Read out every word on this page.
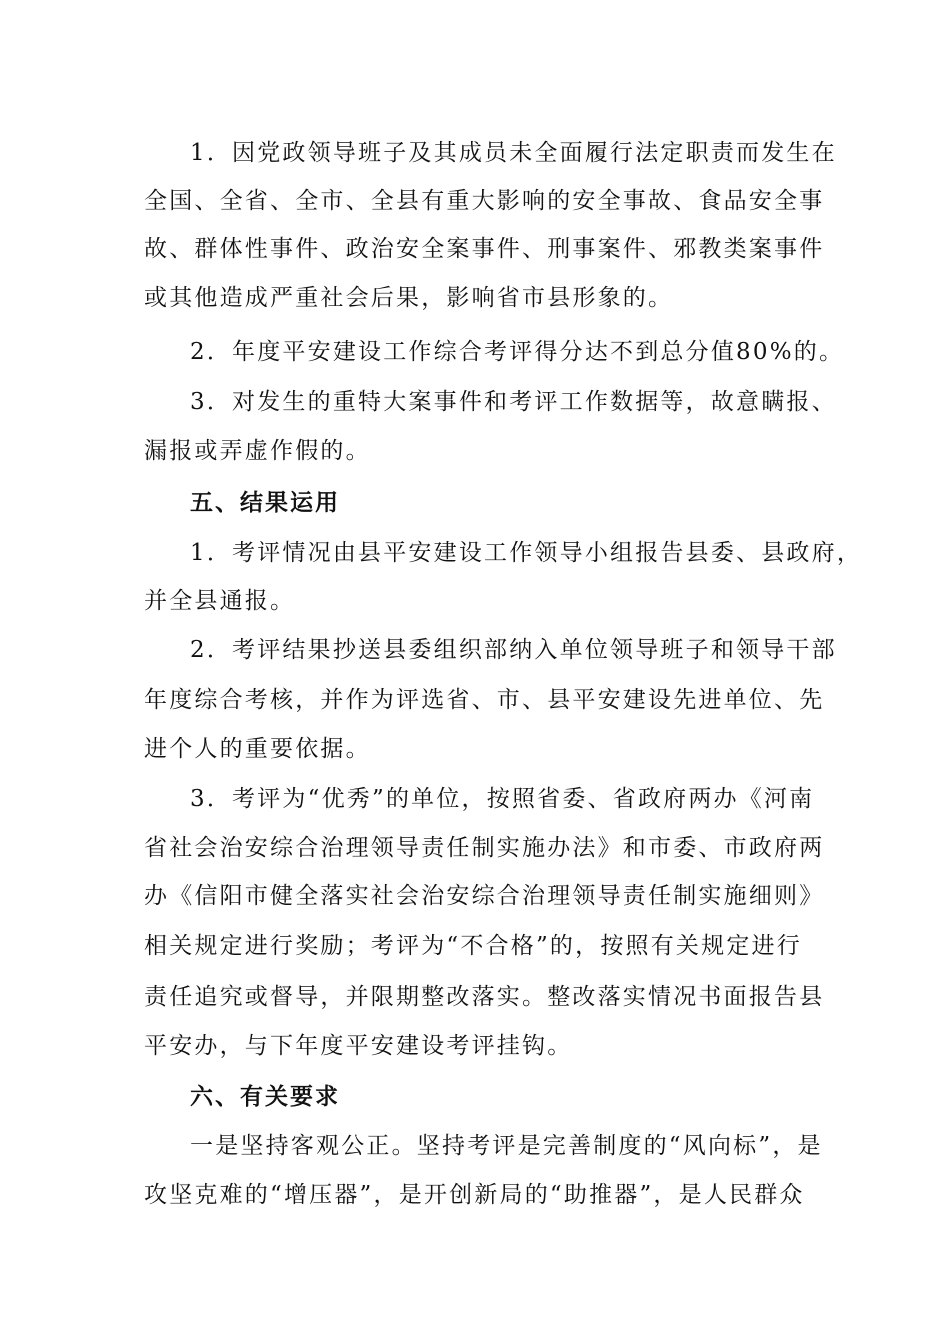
1．因党政领导班子及其成员未全面履行法定职责而发生在
全国、全省、全市、全县有重大影响的安全事故、食品安全事
故、群体性事件、政治安全案事件、刑事案件、邪教类案事件
或其他造成严重社会后果，影响省市县形象的。
2．年度平安建设工作综合考评得分达不到总分值80%的。
3．对发生的重特大案事件和考评工作数据等，故意瞒报、
漏报或弄虚作假的。
五、结果运用
1．考评情况由县平安建设工作领导小组报告县委、县政府，
并全县通报。
2．考评结果抄送县委组织部纳入单位领导班子和领导干部
年度综合考核，并作为评选省、市、县平安建设先进单位、先
进个人的重要依据。
3．考评为“优秀”的单位，按照省委、省政府两办《河南
省社会治安综合治理领导责任制实施办法》和市委、市政府两
办《信阳市健全落实社会治安综合治理领导责任制实施细则》
相关规定进行奖励；考评为“不合格”的，按照有关规定进行
责任追究或督导，并限期整改落实。整改落实情况书面报告县
平安办，与下年度平安建设考评挂钩。
六、有关要求
一是坚持客观公正。坚持考评是完善制度的“风向标”，是
攻坚克难的“增压器”，是开创新局的“助推器”，是人民群众
